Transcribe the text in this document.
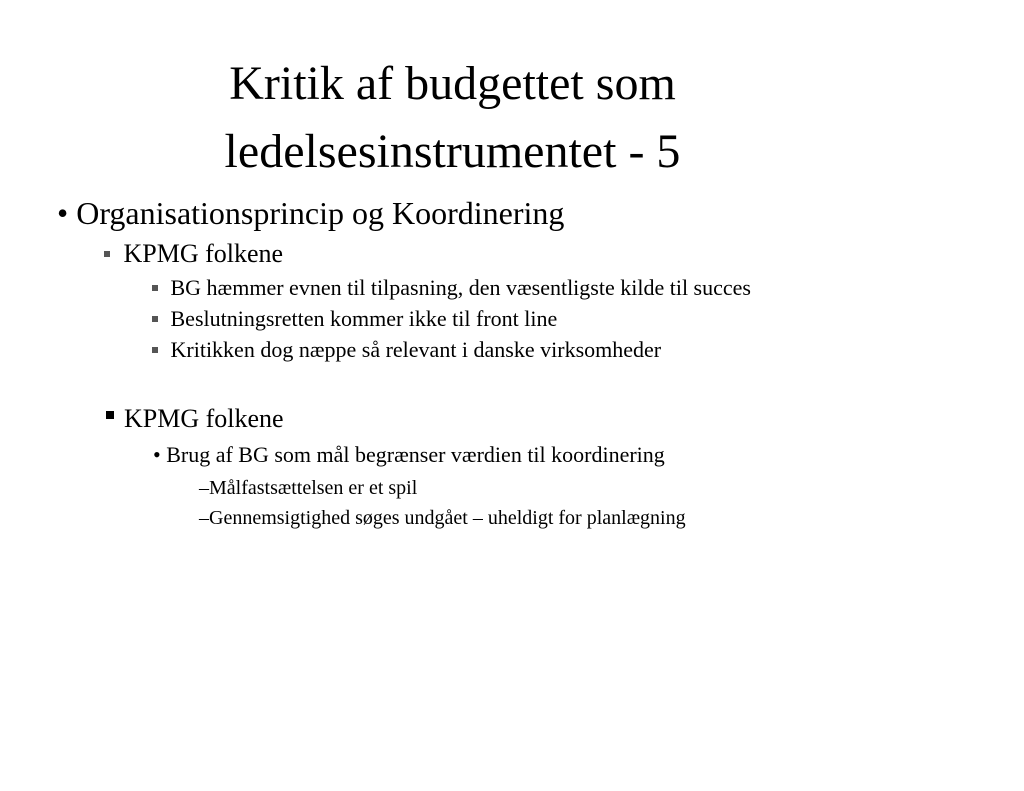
Kritik af budgettet som
ledelsesinstrumentet - 5
• Organisationsprincip og Koordinering
KPMG folkene
BG hæmmer evnen til tilpasning, den væsentligste kilde til succes
Beslutningsretten kommer ikke til front line
Kritikken dog næppe så relevant i danske virksomheder
KPMG folkene
• Brug af BG som mål begrænser værdien til koordinering
–Målfastsættelsen er et spil
–Gennemsigtighed søges undgået – uheldigt for planlægning
